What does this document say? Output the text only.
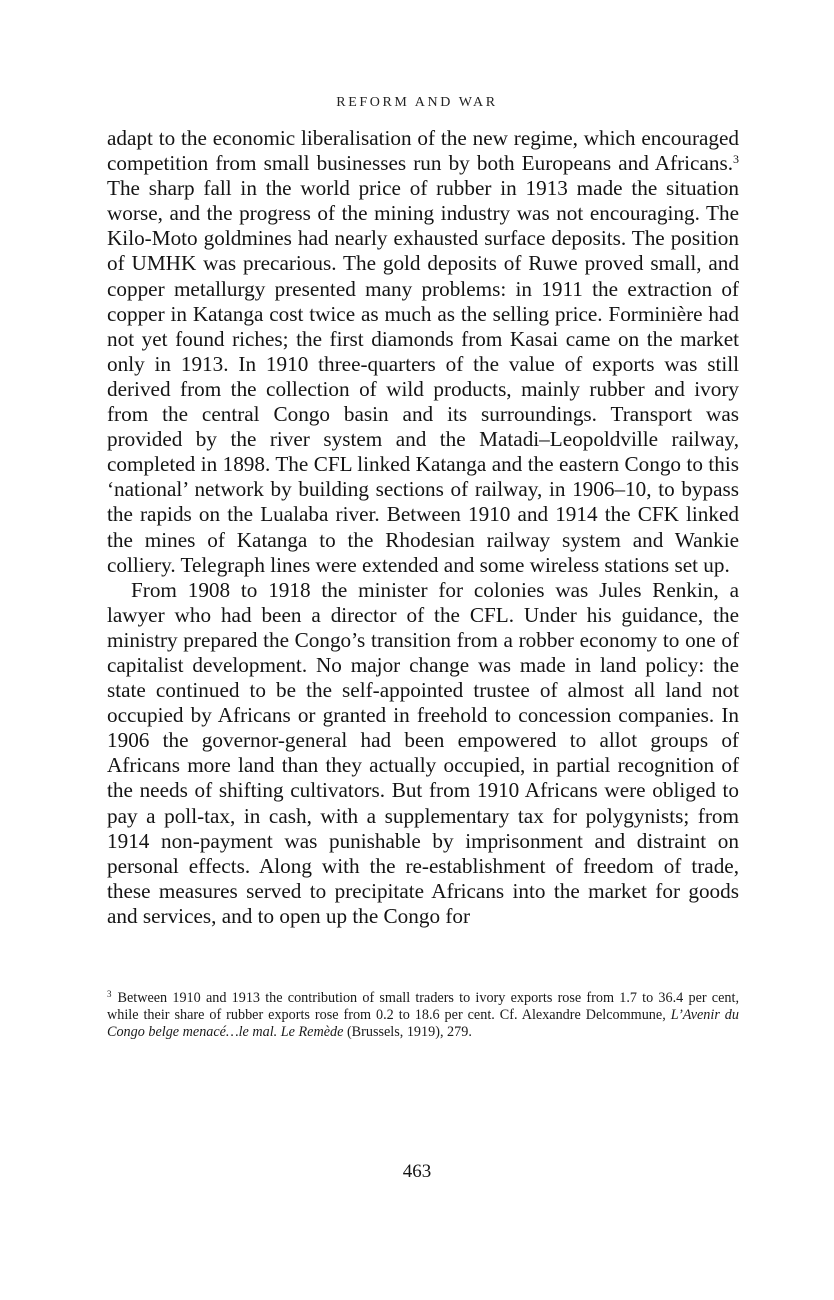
REFORM AND WAR

adapt to the economic liberalisation of the new regime, which encouraged competition from small businesses run by both Europeans and Africans.$^3$ The sharp fall in the world price of rubber in 1913 made the situation worse, and the progress of the mining industry was not encouraging. The Kilo-Moto goldmines had nearly exhausted surface deposits. The position of UMHK was precarious. The gold deposits of Ruwe proved small, and copper metallurgy presented many problems: in 1911 the extraction of copper in Katanga cost twice as much as the selling price. Forminière had not yet found riches; the first diamonds from Kasai came on the market only in 1913. In 1910 three-quarters of the value of exports was still derived from the collection of wild products, mainly rubber and ivory from the central Congo basin and its surroundings. Transport was provided by the river system and the Matadi–Leopoldville railway, completed in 1898. The CFL linked Katanga and the eastern Congo to this ‘national’ network by building sections of railway, in 1906–10, to bypass the rapids on the Lualaba river. Between 1910 and 1914 the CFK linked the mines of Katanga to the Rhodesian railway system and Wankie colliery. Telegraph lines were extended and some wireless stations set up.

From 1908 to 1918 the minister for colonies was Jules Renkin, a lawyer who had been a director of the CFL. Under his guidance, the ministry prepared the Congo’s transition from a robber economy to one of capitalist development. No major change was made in land policy: the state continued to be the self-appointed trustee of almost all land not occupied by Africans or granted in freehold to concession companies. In 1906 the governor-general had been empowered to allot groups of Africans more land than they actually occupied, in partial recognition of the needs of shifting cultivators. But from 1910 Africans were obliged to pay a poll-tax, in cash, with a supplementary tax for polygynists; from 1914 non-payment was punishable by imprisonment and distraint on personal effects. Along with the re-establishment of freedom of trade, these measures served to precipitate Africans into the market for goods and services, and to open up the Congo for

$^3$ Between 1910 and 1913 the contribution of small traders to ivory exports rose from 1.7 to 36.4 per cent, while their share of rubber exports rose from 0.2 to 18.6 per cent. Cf. Alexandre Delcommune, L’Avenir du Congo belge menacé…le mal. Le Remède (Brussels, 1919), 279.

463
